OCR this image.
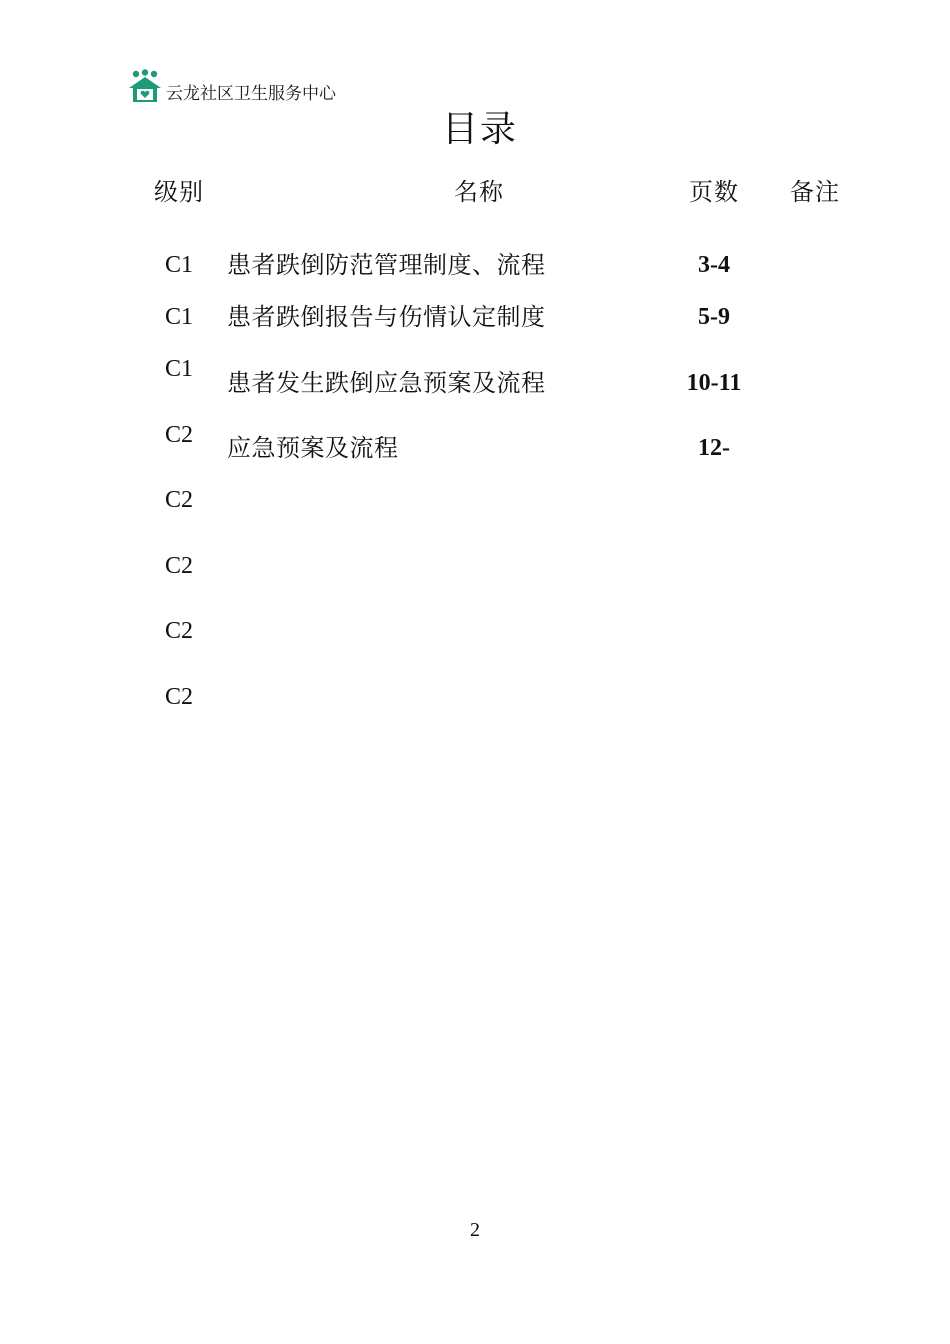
云龙社区卫生服务中心
目录
级别	名称	页数 备注
C1 患者跌倒防范管理制度、流程	3-4
C1 患者跌倒报告与伤情认定制度	5-9
C1 患者发生跌倒应急预案及流程	10-11
C2 应急预案及流程	12-
C2
C2
C2
C2
2
